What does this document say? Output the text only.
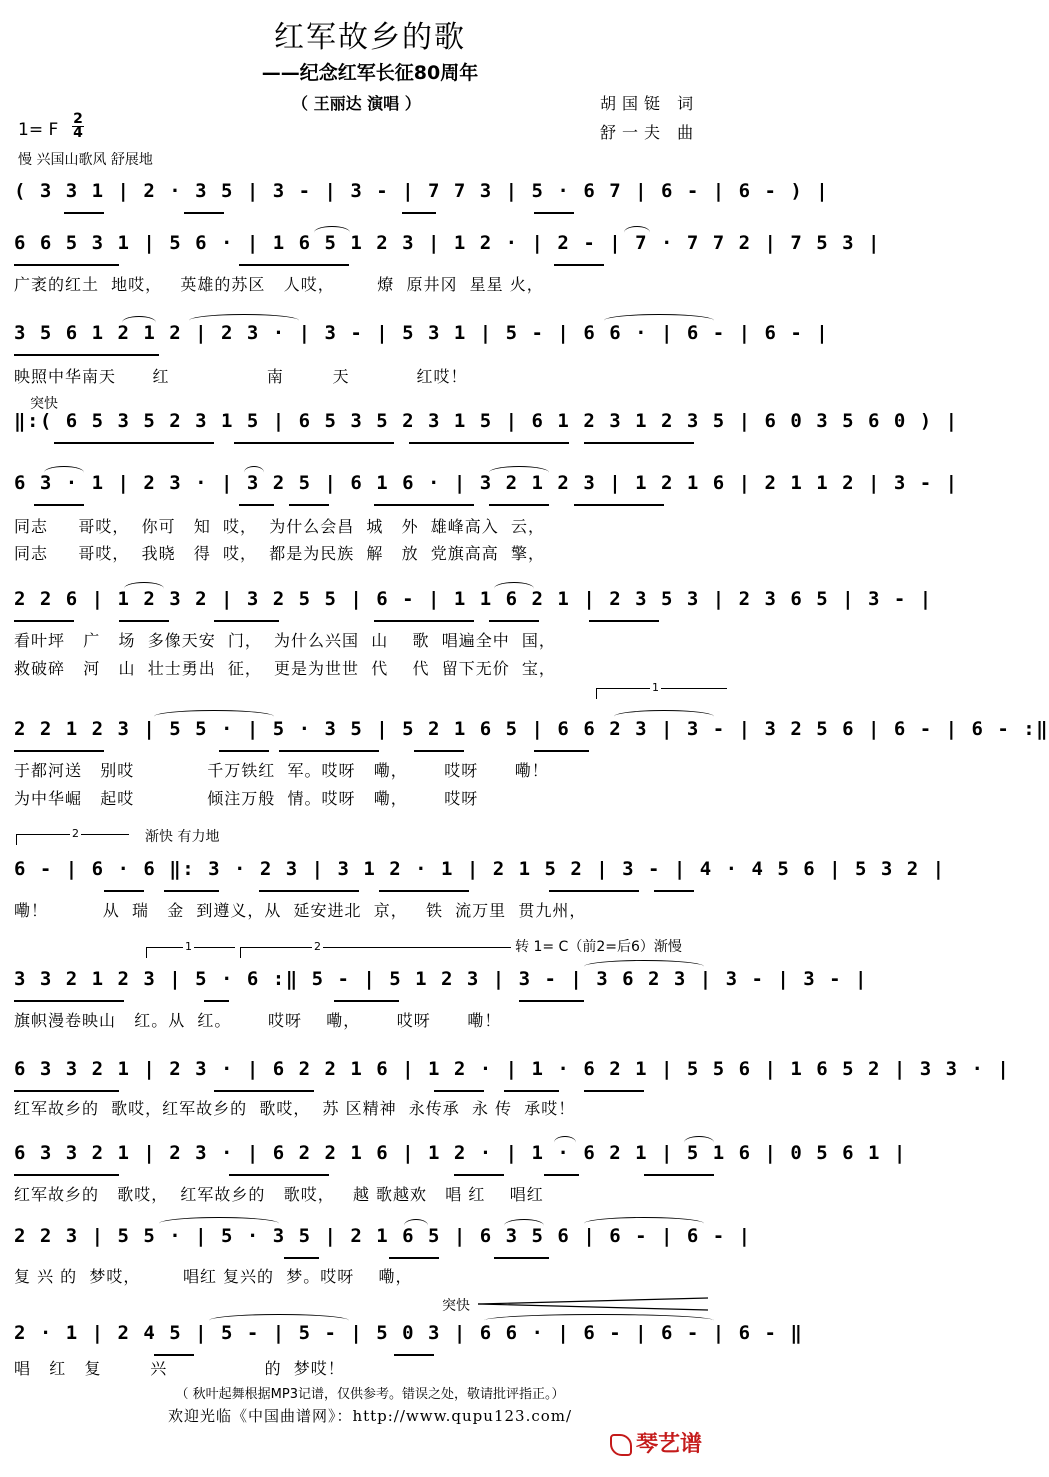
红军故乡的歌
——纪念红军长征80周年
（ 王丽达 演唱 ）	胡国铤 词
舒一夫 曲
1= F
2
4
慢 兴国山歌风 舒展地
( 3 3 1 | 2 · 3 5 | 3 - | 3 - | 7 7 3 | 5 · 6 7 | 6 - | 6 - ) |
6 6 5 3 1 | 5 6 · | 1 6 5 1 2 3 | 1 2 · | 2 - | 7 · 7 7 2 | 7 5 3 |
广袤的红土  地哎，   英雄的苏区   人哎，       燎  原井冈  星星 火，
3 5 6 1 2 1 2 | 2 3 · | 3 - | 5 3 1 | 5 - | 6 6 · | 6 - | 6 - |
映照中华南天      红                南        天           红哎！
突快
‖:( 6 5 3 5 2 3 1 5 | 6 5 3 5 2 3 1 5 | 6 1 2 3 1 2 3 5 | 6 0 3 5 6 0 ) |
6 3 · 1 | 2 3 · | 3 2 5 | 6 1 6 · | 3 2 1 2 3 | 1 2 1 6 | 2 1 1 2 | 3 - |
同志     哥哎，  你可   知  哎，  为什么会昌  城   外  雄峰高入  云，
同志     哥哎，  我晓   得  哎，  都是为民族  解   放  党旗高高  擎，
2 2 6 | 1 2 3 2 | 3 2 5 5 | 6 - | 1 1 6 2 1 | 2 3 5 3 | 2 3 6 5 | 3 - |
看叶坪   广   场  多像天安  门，  为什么兴国  山    歌  唱遍全中  国，
救破碎   河   山  壮士勇出  征，  更是为世世  代    代  留下无价  宝，
1
2 2 1 2 3 | 5 5 · | 5 · 3 5 | 5 2 1 6 5 | 6 6 2 3 | 3 - | 3 2 5 6 | 6 - | 6 - :‖
于都河送   别哎            千万铁红  军。哎呀   嘞，      哎呀      嘞！
为中华崛   起哎            倾注万般  情。哎呀   嘞，      哎呀
2	渐快 有力地
6 - | 6 · 6 ‖: 3 · 2 3 | 3 1 2 · 1 | 2 1 5 2 | 3 - | 4 · 4 5 6 | 5 3 2 |
嘞！         从  瑞   金  到遵义，从  延安进北  京，   铁  流万里  贯九州，
1	2	转 1= C（前2=后6）渐慢
3 3 2 1 2 3 | 5 · 6 :‖ 5 - | 5 1 2 3 | 3 - | 3 6 2 3 | 3 - | 3 - |
旗帜漫卷映山   红。从  红。      哎呀    嘞，      哎呀      嘞！
6 3 3 2 1 | 2 3 · | 6 2 2 1 6 | 1 2 · | 1 · 6 2 1 | 5 5 6 | 1 6 5 2 | 3 3 · |
红军故乡的  歌哎，红军故乡的  歌哎，  苏 区精神  永传承  永 传  承哎！
6 3 3 2 1 | 2 3 · | 6 2 2 1 6 | 1 2 · | 1 · 6 2 1 | 5 1 6 | 0 5 6 1 |
红军故乡的   歌哎，  红军故乡的   歌哎，   越 歌越欢   唱 红    唱红
2 2 3 | 5 5 · | 5 · 3 5 | 2 1 6 5 | 6 3 5 6 | 6 - | 6 - |
复 兴 的  梦哎，       唱红 复兴的  梦。哎呀    嘞，
突快
2 · 1 | 2 4 5 | 5 - | 5 - | 5 0 3 | 6 6 · | 6 - | 6 - | 6 - ‖
唱   红   复        兴                的  梦哎！
（ 秋叶起舞根据MP3记谱，仅供参考。错误之处，敬请批评指正。）
欢迎光临《中国曲谱网》：http://www.qupu123.com/
琴艺谱
